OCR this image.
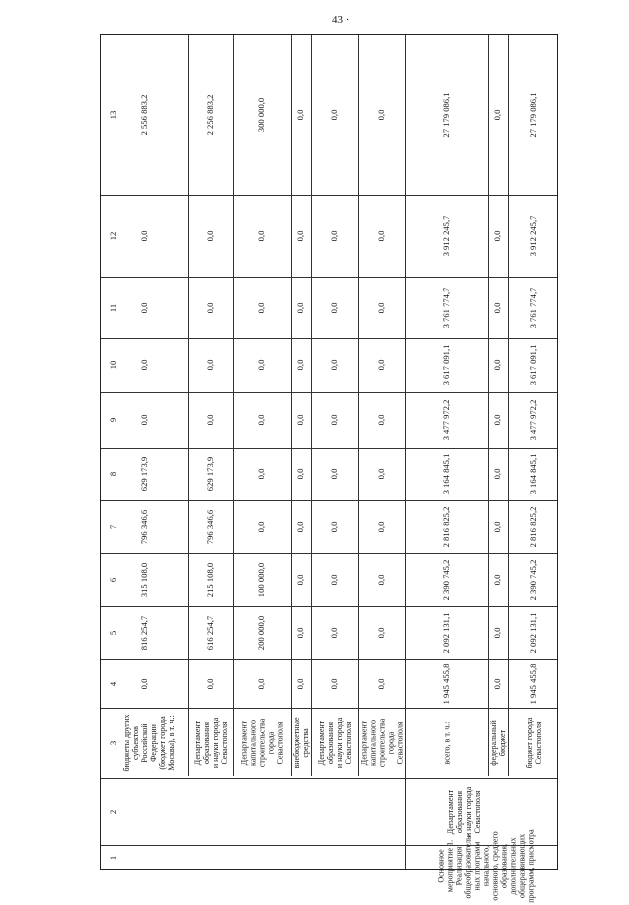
43 ·
1
2
3
4
5
6
7
8
9
10
11
12
13
бюджеты других
субъектов
Российской
Федерации
(бюджет города
Москвы), в т. ч.:
0,0
816 254,7
315 108,0
796 346,6
629 173,9
0,0
0,0
0,0
0,0
2 556 883,2
Департамент
образования
и науки города
Севастополя
0,0
616 254,7
215 108,0
796 346,6
629 173,9
0,0
0,0
0,0
0,0
2 256 883,2
Департамент
капитального
строительства
города
Севастополя
0,0
200 000,0
100 000,0
0,0
0,0
0,0
0,0
0,0
0,0
300 000,0
внебюджетные
средства
0,0
0,0
0,0
0,0
0,0
0,0
0,0
0,0
0,0
0,0
Департамент
образования
и науки города
Севастополя
0,0
0,0
0,0
0,0
0,0
0,0
0,0
0,0
0,0
0,0
Департамент
капитального
строительства
города
Севастополя
0,0
0,0
0,0
0,0
0,0
0,0
0,0
0,0
0,0
0,0
всего, в т. ч.:
1 945 455,8
2 092 131,1
2 390 745,2
2 816 825,2
3 164 845,1
3 477 972,2
3 617 091,1
3 761 774,7
3 912 245,7
27 179 086,1
федеральный
бюджет
0,0
0,0
0,0
0,0
0,0
0,0
0,0
0,0
0,0
0,0
бюджет города
Севастополя
1 945 455,8
2 092 131,1
2 390 745,2
2 816 825,2
3 164 845,1
3 477 972,2
3 617 091,1
3 761 774,7
3 912 245,7
27 179 086,1
Основное
мероприятие 1.
Реализация
общеобразователь-
ных программ
начального,
основного, среднего
образования,
дополнительных
общеразвивающих
программ, присмотра
Департамент
образования
и науки города
Севастополя
